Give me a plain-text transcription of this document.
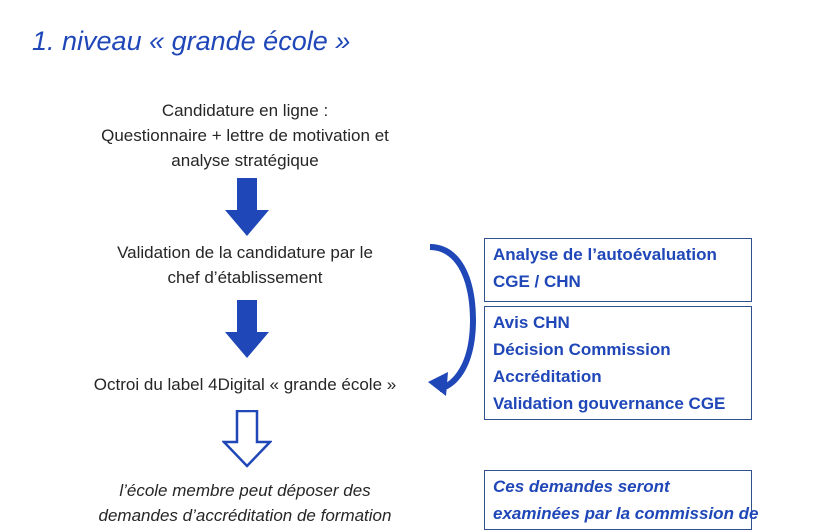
1. niveau « grande école »
Candidature en ligne :
Questionnaire + lettre de motivation et
analyse stratégique
Validation de la candidature par le
chef d’établissement
Octroi du label 4Digital « grande école »
l’école membre peut déposer des
demandes d’accréditation de formation
Analyse de l’autoévaluation
CGE / CHN
Avis CHN
Décision Commission
Accréditation
Validation gouvernance CGE
Ces demandes seront
examinées par la commission de
